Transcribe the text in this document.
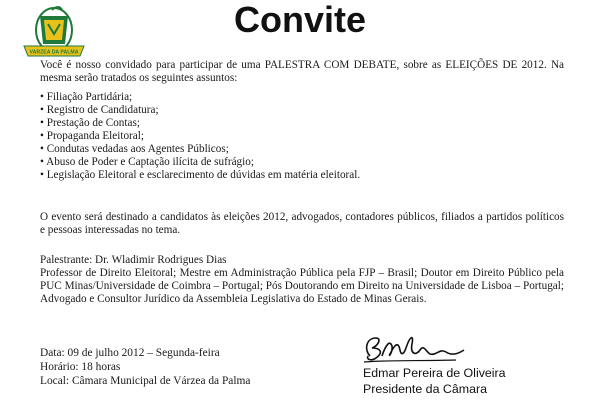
VARZEA DA PALMA
Convite

Você é nosso convidado para participar de uma PALESTRA COM DEBATE, sobre as ELEIÇÕES DE 2012. Na mesma serão tratados os seguintes assuntos:

• Filiação Partidária;
• Registro de Candidatura;
• Prestação de Contas;
• Propaganda Eleitoral;
• Condutas vedadas aos Agentes Públicos;
• Abuso de Poder e Captação ilícita de sufrágio;
• Legislação Eleitoral e esclarecimento de dúvidas em matéria eleitoral.

O evento será destinado a candidatos às eleições 2012, advogados, contadores públicos, filiados a partidos políticos e pessoas interessadas no tema.

Palestrante: Dr. Wladimir Rodrigues Dias

Professor de Direito Eleitoral; Mestre em Administração Pública pela FJP – Brasil; Doutor em Direito Público pela PUC Minas/Universidade de Coimbra – Portugal; Pós Doutorando em Direito na Universidade de Lisboa – Portugal; Advogado e Consultor Jurídico da Assembleia Legislativa do Estado de Minas Gerais.

Data: 09 de julho 2012 – Segunda-feira
Horário: 18 horas
Local: Câmara Municipal de Várzea da Palma
Edmar Pereira de Oliveira
Presidente da Câmara
